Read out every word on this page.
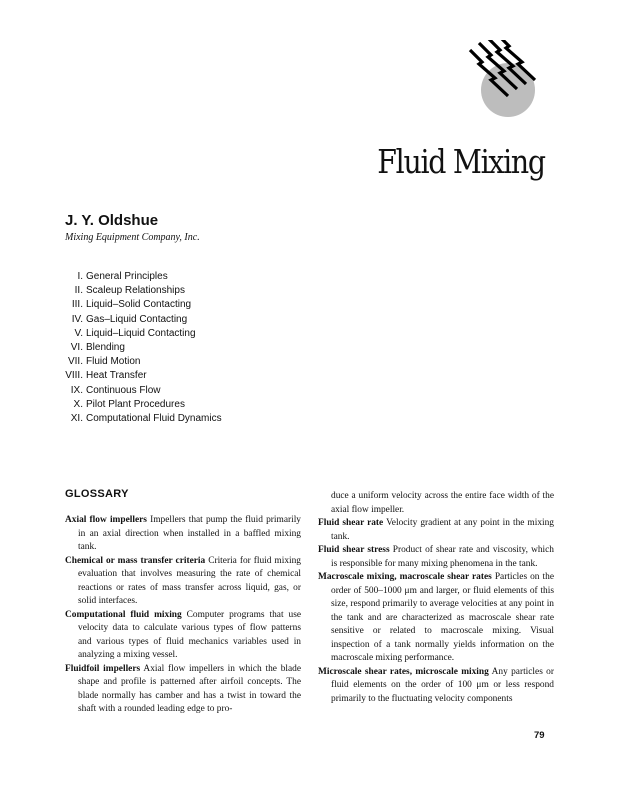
Fluid Mixing
J. Y. Oldshue
Mixing Equipment Company, Inc.
I. General Principles
II. Scaleup Relationships
III. Liquid–Solid Contacting
IV. Gas–Liquid Contacting
V. Liquid–Liquid Contacting
VI. Blending
VII. Fluid Motion
VIII. Heat Transfer
IX. Continuous Flow
X. Pilot Plant Procedures
XI. Computational Fluid Dynamics
GLOSSARY
Axial flow impellers Impellers that pump the fluid primarily in an axial direction when installed in a baffled mixing tank.
Chemical or mass transfer criteria Criteria for fluid mixing evaluation that involves measuring the rate of chemical reactions or rates of mass transfer across liquid, gas, or solid interfaces.
Computational fluid mixing Computer programs that use velocity data to calculate various types of flow patterns and various types of fluid mechanics variables used in analyzing a mixing vessel.
Fluidfoil impellers Axial flow impellers in which the blade shape and profile is patterned after airfoil concepts. The blade normally has camber and has a twist in toward the shaft with a rounded leading edge to pro-
duce a uniform velocity across the entire face width of the axial flow impeller.
Fluid shear rate Velocity gradient at any point in the mixing tank.
Fluid shear stress Product of shear rate and viscosity, which is responsible for many mixing phenomena in the tank.
Macroscale mixing, macroscale shear rates Particles on the order of 500–1000 μm and larger, or fluid elements of this size, respond primarily to average velocities at any point in the tank and are characterized as macroscale shear rate sensitive or related to macroscale mixing. Visual inspection of a tank normally yields information on the macroscale mixing performance.
Microscale shear rates, microscale mixing Any particles or fluid elements on the order of 100 μm or less respond primarily to the fluctuating velocity components
79
